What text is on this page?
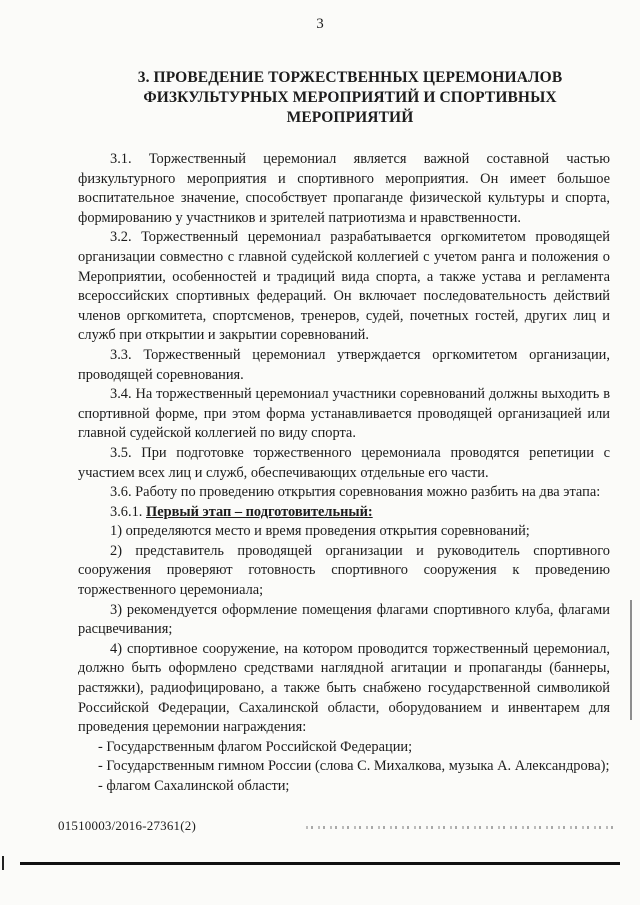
3
3. ПРОВЕДЕНИЕ ТОРЖЕСТВЕННЫХ ЦЕРЕМОНИАЛОВ
ФИЗКУЛЬТУРНЫХ МЕРОПРИЯТИЙ И СПОРТИВНЫХ
МЕРОПРИЯТИЙ

3.1. Торжественный церемониал является важной составной частью физкультурного мероприятия и спортивного мероприятия. Он имеет большое воспитательное значение, способствует пропаганде физической культуры и спорта, формированию у участников и зрителей патриотизма и нравственности.

3.2. Торжественный церемониал разрабатывается оргкомитетом проводящей организации совместно с главной судейской коллегией с учетом ранга и положения о Мероприятии, особенностей и традиций вида спорта, а также устава и регламента всероссийских спортивных федераций. Он включает последовательность действий членов оргкомитета, спортсменов, тренеров, судей, почетных гостей, других лиц и служб при открытии и закрытии соревнований.

3.3. Торжественный церемониал утверждается оргкомитетом организации, проводящей соревнования.

3.4. На торжественный церемониал участники соревнований должны выходить в спортивной форме, при этом форма устанавливается проводящей организацией или главной судейской коллегией по виду спорта.

3.5. При подготовке торжественного церемониала проводятся репетиции с участием всех лиц и служб, обеспечивающих отдельные его части.

3.6. Работу по проведению открытия соревнования можно разбить на два этапа:

3.6.1. Первый этап – подготовительный:

1) определяются место и время проведения открытия соревнований;

2) представитель проводящей организации и руководитель спортивного сооружения проверяют готовность спортивного сооружения к проведению торжественного церемониала;

3) рекомендуется оформление помещения флагами спортивного клуба, флагами расцвечивания;

4) спортивное сооружение, на котором проводится торжественный церемониал, должно быть оформлено средствами наглядной агитации и пропаганды (баннеры, растяжки), радиофицировано, а также быть снабжено государственной символикой Российской Федерации, Сахалинской области, оборудованием и инвентарем для проведения церемонии награждения:

- Государственным флагом Российской Федерации;

- Государственным гимном России (слова С. Михалкова, музыка А. Александрова);

- флагом Сахалинской области;

01510003/2016-27361(2)
